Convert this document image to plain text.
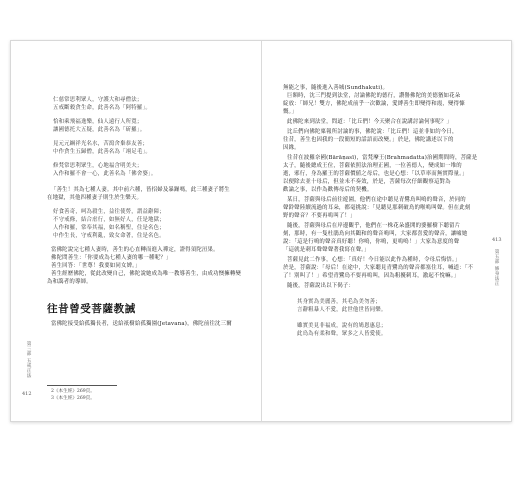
仁慈常思利眾人，守護大和尋僧法；
五戒斷穀貪生命，此善名為「阿特羅」。
恰和乘飛福逸樂，仙人遠行人所寬；
讓國德托大五疑，此善名為「斫羅」。
見元元綱祥光名水，苦瀉舍棄恭友善；
中作貪生五歸僧，此善名為「翊足毛」。
修梵常思利眾生，心地福含明美夫；
入作和羅不會一心，此善名為「佛舍婆」。
「善生！其為七種人妻。其中前六種，皆招婦及暴躁嗎，此三種妻子將生
在地獄，其他四種妻子則生於生樂天。
好食善奇，呵為殺生，益往使勞，謂益辭障；
不守戒條，結合虐行，如無好人，任是地獄；
人作和羅，常奉其福，如名稱聖，住是名色；
中作生長，守戒利亂，致女命著，住是名色。
當佛陀說完七種人妻時，善生的心直轉而進入禪定，證得須陀洹果。
佛陀問善生：「你要成為七種人妻的哪一種呢？」
善生回答：「世尊！我要如同女婢。」
善生經歷佛陀，從此改變自己，佛陀說她成為唯一教導善生，由成功懊擁轉變
為和藹者的導師。
往昔曾受菩薩教誡
當佛陀接受給孤獨長者，送給祇樹給孤獨園(Jetavana)，佛陀前往沈三爾
2《本生經》269頁。
3《本生經》269頁。
第三部 五戒正法
412
無能之事，隨後進入善城(Sundhakuti)。
巨額時，沈三門提到法堂，討論佛陀的德行，讚譽佛陀的美德猶如花朵
綻放：「師兄！雙方，佛陀成前乎一次歡論，愛縛善生即變得和霞，變得慷
慨。」
此佛陀來到法堂，問道：「比丘們！今天聚合在說講討論何事呢？」
比丘們向佛陀稟報所討論的事，佛陀說：「比丘們！這並非如約今日，
往昔，善生也因我的一段簡短的話語而改變。」於是，佛陀講述以下的
因緣。
往昔在波羅奈國(Bārāṇasī)，當梵摩王(Brahmadatta)治國期間時，菩薩是
太子，隨後總成王位，菩薩依照法治理正國，一位善德人，變成如一堆的
逝，邪行，身為羅王的菩薩價値之母后，也是心想：「以草率而無實際量。」
以便除去並十母后，但並未不奏效，於是，菩薩每次仔細觀察這對為
歡論之事，以作為歡傳母后的契機。
某日，菩薩與母后前往遊園，他們在途中聽見青鷺鳥叫鳴的聲音，於同的
聲鈴聲陸續流過的耳朵，都毫挑說：「見聽見那刺破鳥的喉嗚叫聲。但在此刻
野的聲音？不要再嗚叫了！」
隨後，菩薩與母后在岸邊觀乎，他們在一株花朵盛開的婆羅樹下聽留片
刻，那時，有一隻杜鵑鳥向其鸛和的聲音鳴叫，大家都喜愛的聲音，讓噓她
說：「這是行鳴的聲音真好聽！你鳴，你鳴，更嗚鳴！」大家為意度的聲
「這就是刺耳聲聲聲著我寫在聲。」
菩薩見此二作事，心想：「真好！今日能以此作為種時，令母后悔悟。」
於是，菩薩說：「母后！在途中，大家聽見青鷺鳥的聲音都塞住耳，喊道：「不
了！別叫了！」希望青鷺鳥不要再嗚叫，因為粗擾刺耳，激起不悅嘛。」
隨後，菩薩說出以下偈子：
其身實為美麗善，其毛為美勿善；
言辭粗暴人不愛，此世他世皆同樂。
雖實美見非福成，說有的鳩恩惠息；
此鳥為有柔和聲，眾多之人皆愛使。
413
第五部 修身法正
